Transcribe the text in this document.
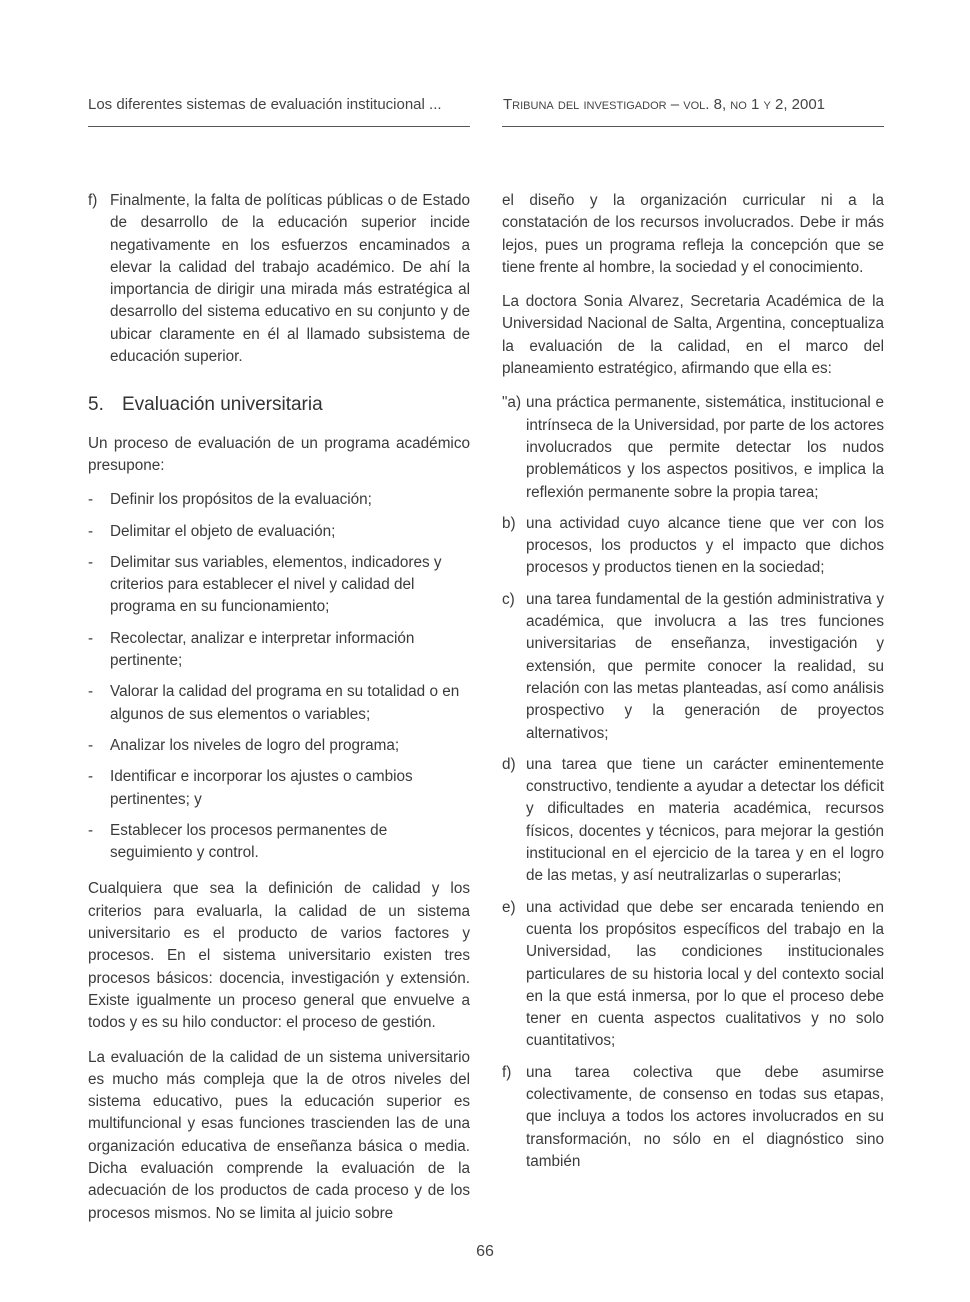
Los diferentes sistemas de evaluación institucional ...	Tribuna del investigador – vol. 8, no 1 y 2, 2001
f) Finalmente, la falta de políticas públicas o de Estado de desarrollo de la educación superior incide negativamente en los esfuerzos encaminados a elevar la calidad del trabajo académico. De ahí la importancia de dirigir una mirada más estratégica al desarrollo del sistema educativo en su conjunto y de ubicar claramente en él al llamado subsistema de educación superior.
5. Evaluación universitaria

Un proceso de evaluación de un programa académico presupone:

- Definir los propósitos de la evaluación;
- Delimitar el objeto de evaluación;
- Delimitar sus variables, elementos, indicadores y criterios para establecer el nivel y calidad del programa en su funcionamiento;
- Recolectar, analizar e interpretar información pertinente;
- Valorar la calidad del programa en su totalidad o en algunos de sus elementos o variables;
- Analizar los niveles de logro del programa;
- Identificar e incorporar los ajustes o cambios pertinentes; y
- Establecer los procesos permanentes de seguimiento y control.

Cualquiera que sea la definición de calidad y los criterios para evaluarla, la calidad de un sistema universitario es el producto de varios factores y procesos. En el sistema universitario existen tres procesos básicos: docencia, investigación y extensión. Existe igualmente un proceso general que envuelve a todos y es su hilo conductor: el proceso de gestión.

La evaluación de la calidad de un sistema universitario es mucho más compleja que la de otros niveles del sistema educativo, pues la educación superior es multifuncional y esas funciones trascienden las de una organización educativa de enseñanza básica o media. Dicha evaluación comprende la evaluación de la adecuación de los productos de cada proceso y de los procesos mismos. No se limita al juicio sobre

el diseño y la organización curricular ni a la constatación de los recursos involucrados. Debe ir más lejos, pues un programa refleja la concepción que se tiene frente al hombre, la sociedad y el conocimiento.

La doctora Sonia Alvarez, Secretaria Académica de la Universidad Nacional de Salta, Argentina, conceptualiza la evaluación de la calidad, en el marco del planeamiento estratégico, afirmando que ella es:

"a) una práctica permanente, sistemática, institucional e intrínseca de la Universidad, por parte de los actores involucrados que permite detectar los nudos problemáticos y los aspectos positivos, e implica la reflexión permanente sobre la propia tarea;
b) una actividad cuyo alcance tiene que ver con los procesos, los productos y el impacto que dichos procesos y productos tienen en la sociedad;
c) una tarea fundamental de la gestión administrativa y académica, que involucra a las tres funciones universitarias de enseñanza, investigación y extensión, que permite conocer la realidad, su relación con las metas planteadas, así como análisis prospectivo y la generación de proyectos alternativos;
d) una tarea que tiene un carácter eminentemente constructivo, tendiente a ayudar a detectar los déficit y dificultades en materia académica, recursos físicos, docentes y técnicos, para mejorar la gestión institucional en el ejercicio de la tarea y en el logro de las metas, y así neutralizarlas o superarlas;
e) una actividad que debe ser encarada teniendo en cuenta los propósitos específicos del trabajo en la Universidad, las condiciones institucionales particulares de su historia local y del contexto social en la que está inmersa, por lo que el proceso debe tener en cuenta aspectos cualitativos y no solo cuantitativos;
f) una tarea colectiva que debe asumirse colectivamente, de consenso en todas sus etapas, que incluya a todos los actores involucrados en su transformación, no sólo en el diagnóstico sino también
66
